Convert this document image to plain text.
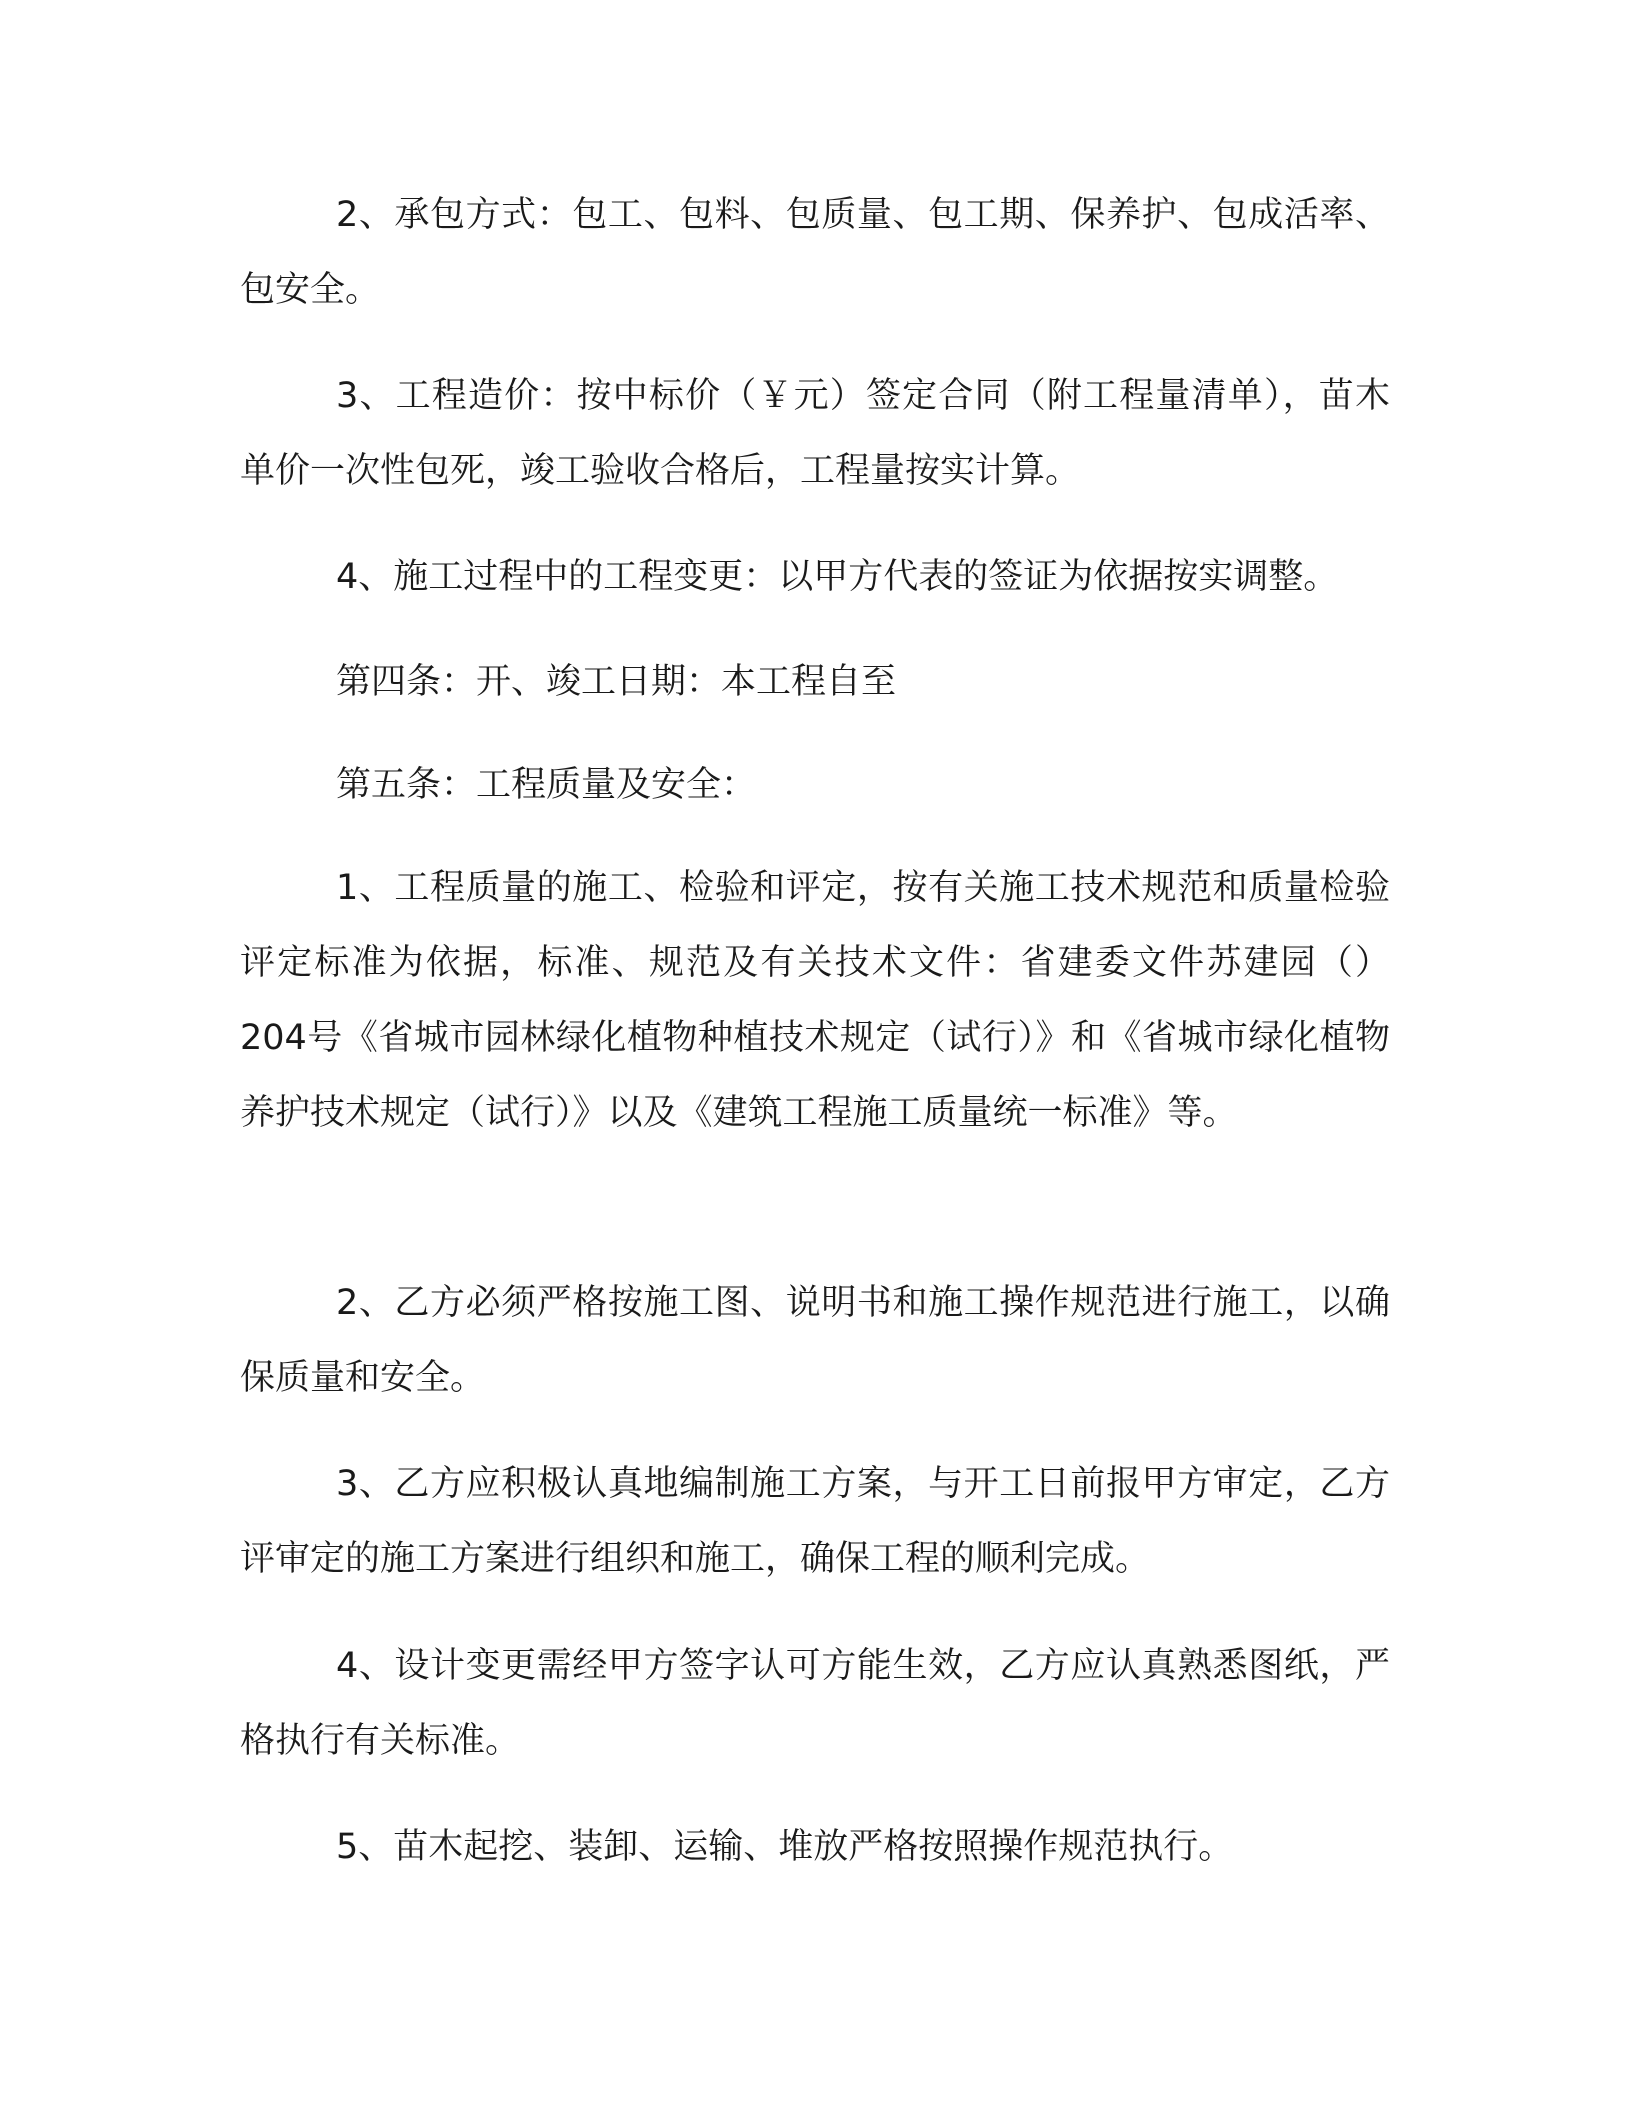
2、承包方式：包工、包料、包质量、包工期、保养护、包成活率、包安全。

3、工程造价：按中标价（￥元）签定合同（附工程量清单），苗木单价一次性包死，竣工验收合格后，工程量按实计算。

4、施工过程中的工程变更：以甲方代表的签证为依据按实调整。

第四条：开、竣工日期：本工程自至

第五条：工程质量及安全：

1、工程质量的施工、检验和评定，按有关施工技术规范和质量检验评定标准为依据，标准、规范及有关技术文件：省建委文件苏建园（）204号《省城市园林绿化植物种植技术规定（试行）》和《省城市绿化植物养护技术规定（试行）》以及《建筑工程施工质量统一标准》等。

2、乙方必须严格按施工图、说明书和施工操作规范进行施工，以确保质量和安全。

3、乙方应积极认真地编制施工方案，与开工日前报甲方审定，乙方评审定的施工方案进行组织和施工，确保工程的顺利完成。

4、设计变更需经甲方签字认可方能生效，乙方应认真熟悉图纸，严格执行有关标准。

5、苗木起挖、装卸、运输、堆放严格按照操作规范执行。
